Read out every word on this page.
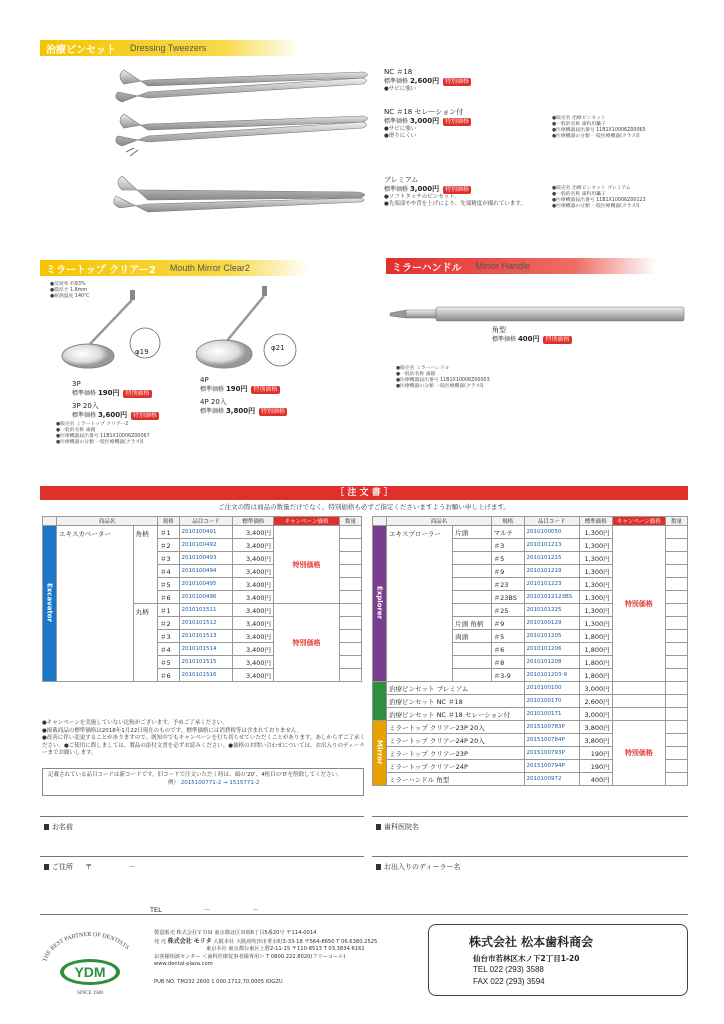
治療ピンセット Dressing Tweezers
NC ＃18
標準価格 2,600円 特別価格
●サビに強い
NC ＃18 セレーション付
標準価格 3,000円 特別価格
●サビに強い
●滑りにくい
●販売名 治療ピンセット
●一般的名称 歯科用鑷子
●医療機器届出番号 11B1X10006Z00065
●医療機器の分類 一般医療機器(クラスⅠ)
プレミアム
標準価格 3,000円 特別価格
●ソフトタッチのピンセット。
●先端部やや背を上げにより、先端精度が優れています。
●販売名 治療ピンセット プレミアム
●一般的名称 歯科用鑷子
●医療機器届出番号 11B1X10006Z00123
●医療機器の分類 一般医療機器(クラスⅠ)
ミラートップ クリアー2 Mouth Mirror Clear2
●反射率 約93%
●膜厚さ 1.8mm
●耐熱温度 140℃
φ19	φ21
3P
標準価格 190円 特別価格
3P 20入
標準価格 3,600円 特別価格
4P
標準価格 190円 特別価格
4P 20入
標準価格 3,800円 特別価格
●販売名 ミラートップ クリアー2
●一般的名称 歯鏡
●医療機器届出番号 11B1X10006Z00067
●医療機器の分類 一般医療機器(クラスⅠ)
ミラーハンドル Mirror Handle
角型
標準価格 400円 特別価格
●販売名 ミラーハンドル
●一般的名称 歯鏡
●医療機器届出番号 11B1X10006Z00003
●医療機器の分類 一般医療機器(クラスⅠ)
［ 注 文 書 ］
ご注文の際は商品の数量だけでなく、特別価格も必ずご指定くださいますようお願い申し上げます。
	商品名		規格	品目コード	標準価格	キャンペーン価格	数量
Excavator	エキスカベーター	角柄	＃1	2010100491	3,400円	特別価格	
			＃2	2010100492	3,400円		
			＃3	2010100493	3,400円		
			＃4	2010100494	3,400円		
			＃5	2010100495	3,400円		
			＃6	2010100496	3,400円		
		丸柄	＃1	2010101511	3,400円	特別価格	
			＃2	2010101512	3,400円		
			＃3	2010101513	3,400円		
			＃4	2010101514	3,400円		
			＃5	2010101515	3,400円		
			＃6	2010101516	3,400円		
	商品名		規格	品目コード	標準価格	キャンペーン価格	数量
Explorer	エキスプローラー	片頭	マルチ	2010100050	1,300円	特別価格	
			＃3	2010101213	1,300円		
			＃5	2010101215	1,300円		
			＃9	2010101219	1,300円		
			＃23	2010101223	1,300円		
			＃23BS	20101012123BS	1,300円		
			＃25	2010101225	1,300円		
		片頭 角柄	＃9	2010100129	1,300円		
		両頭	＃5	2010101205	1,800円		
			＃6	2010101206	1,800円		
			＃8	2010101208	1,800円		
			＃3-9	2010101203-9	1,800円		
	治療ピンセット プレミアム			2010100100	3,000円		
	治療ピンセット NC ＃18			2010100170	2,600円		
	治療ピンセット NC ＃18 セレーション付			2010100171	3,000円		
Mirror	ミラートップ クリアー23P 20入			2015100783P	3,800円	特別価格	
	ミラートップ クリアー24P 20入			2015100784P	3,800円		
	ミラートップ クリアー23P			2015100793P	190円		
	ミラートップ クリアー24P			2015100794P	190円		
	ミラーハンドル 角型			2010100972	400円		
●キャンペーンを実施していない比較がございます。予めご了承ください。
●掲載商品の標準価格は2018年1月22日現在のものです。標準価格には消費税等は含まれておりません。
●改善に伴い変更することがありますので、既知中でもキャンペーンを打ち切らせていただくことがあります。あしからずご了承ください。●ご使用に際しましては、製品の添付文書を必ずお読みください。●価格のお問い合わせについては、お出入りのディーラーまでお願いします。
記載されている品目コードは新コードです。旧コードで注文いただく時は、頭の'20'、4桁目の'0'を削除してください。
例） 2015100771-2 → 1515771-2
お名前	歯科医院名
ご住所 〒	－
TEL	－	－
お出入りのディーラー名
THE BEST PARTNER OF DENTISTS
YDM
SINCE 1948
製造販売 株式会社ＹＤＭ 東京都北区田端6丁目5番20号 〒114-0014
発 売 株式会社 モリタ 大阪本社 大阪府吹田市垂水町3-33-18 〒564-8650 T 06.6380.2525
東京本社 東京都台東区上野2-11-15 〒110-8513 T 03.3834.6161
お客様相談センター ＜歯科医療従事者様専用＞ T 0800.222.8020(フリーコール)
www.dental-plaza.com
PUB NO. TM232 2600 1 000.1712.70.0005 IOGZU
株式会社 松本歯科商会
仙台市若林区木ノ下2丁目1-20
TEL 022 (293) 3588
FAX 022 (293) 3594
